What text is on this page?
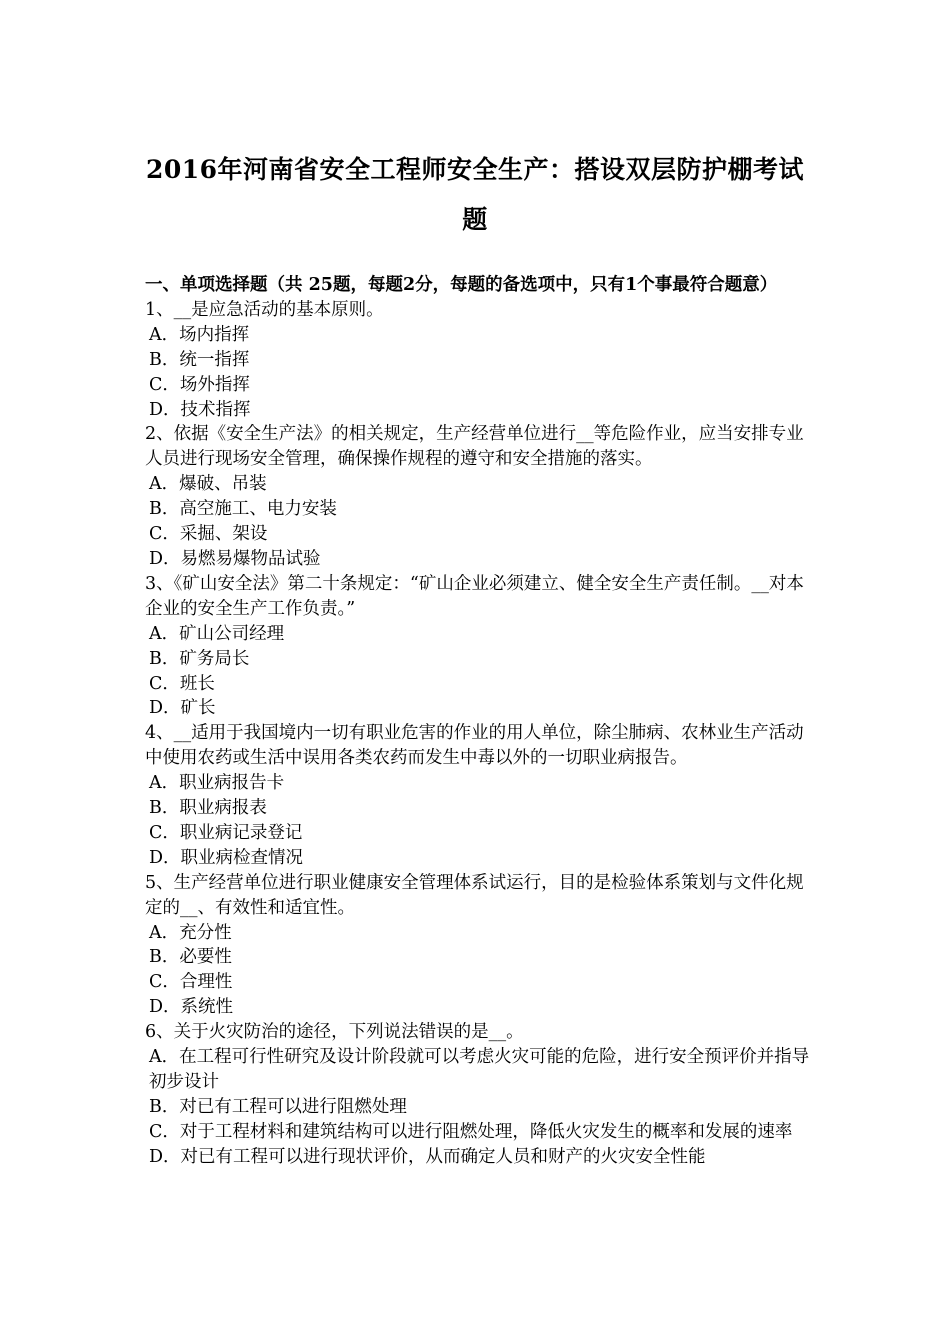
2016年河南省安全工程师安全生产：搭设双层防护棚考试题

一、单项选择题（共 25题，每题2分，每题的备选项中，只有1个事最符合题意）

1、__是应急活动的基本原则。

A．场内指挥

B．统一指挥

C．场外指挥

D．技术指挥

2、依据《安全生产法》的相关规定，生产经营单位进行__等危险作业，应当安排专业人员进行现场安全管理，确保操作规程的遵守和安全措施的落实。

A．爆破、吊装

B．高空施工、电力安装

C．采掘、架设

D．易燃易爆物品试验

3、《矿山安全法》第二十条规定：“矿山企业必须建立、健全安全生产责任制。__对本企业的安全生产工作负责。”

A．矿山公司经理

B．矿务局长

C．班长

D．矿长

4、__适用于我国境内一切有职业危害的作业的用人单位，除尘肺病、农林业生产活动中使用农药或生活中误用各类农药而发生中毒以外的一切职业病报告。

A．职业病报告卡

B．职业病报表

C．职业病记录登记

D．职业病检查情况

5、生产经营单位进行职业健康安全管理体系试运行，目的是检验体系策划与文件化规定的__、有效性和适宜性。

A．充分性

B．必要性

C．合理性

D．系统性

6、关于火灾防治的途径，下列说法错误的是__。

A．在工程可行性研究及设计阶段就可以考虑火灾可能的危险，进行安全预评价并指导初步设计

B．对已有工程可以进行阻燃处理

C．对于工程材料和建筑结构可以进行阻燃处理，降低火灾发生的概率和发展的速率

D．对已有工程可以进行现状评价，从而确定人员和财产的火灾安全性能
